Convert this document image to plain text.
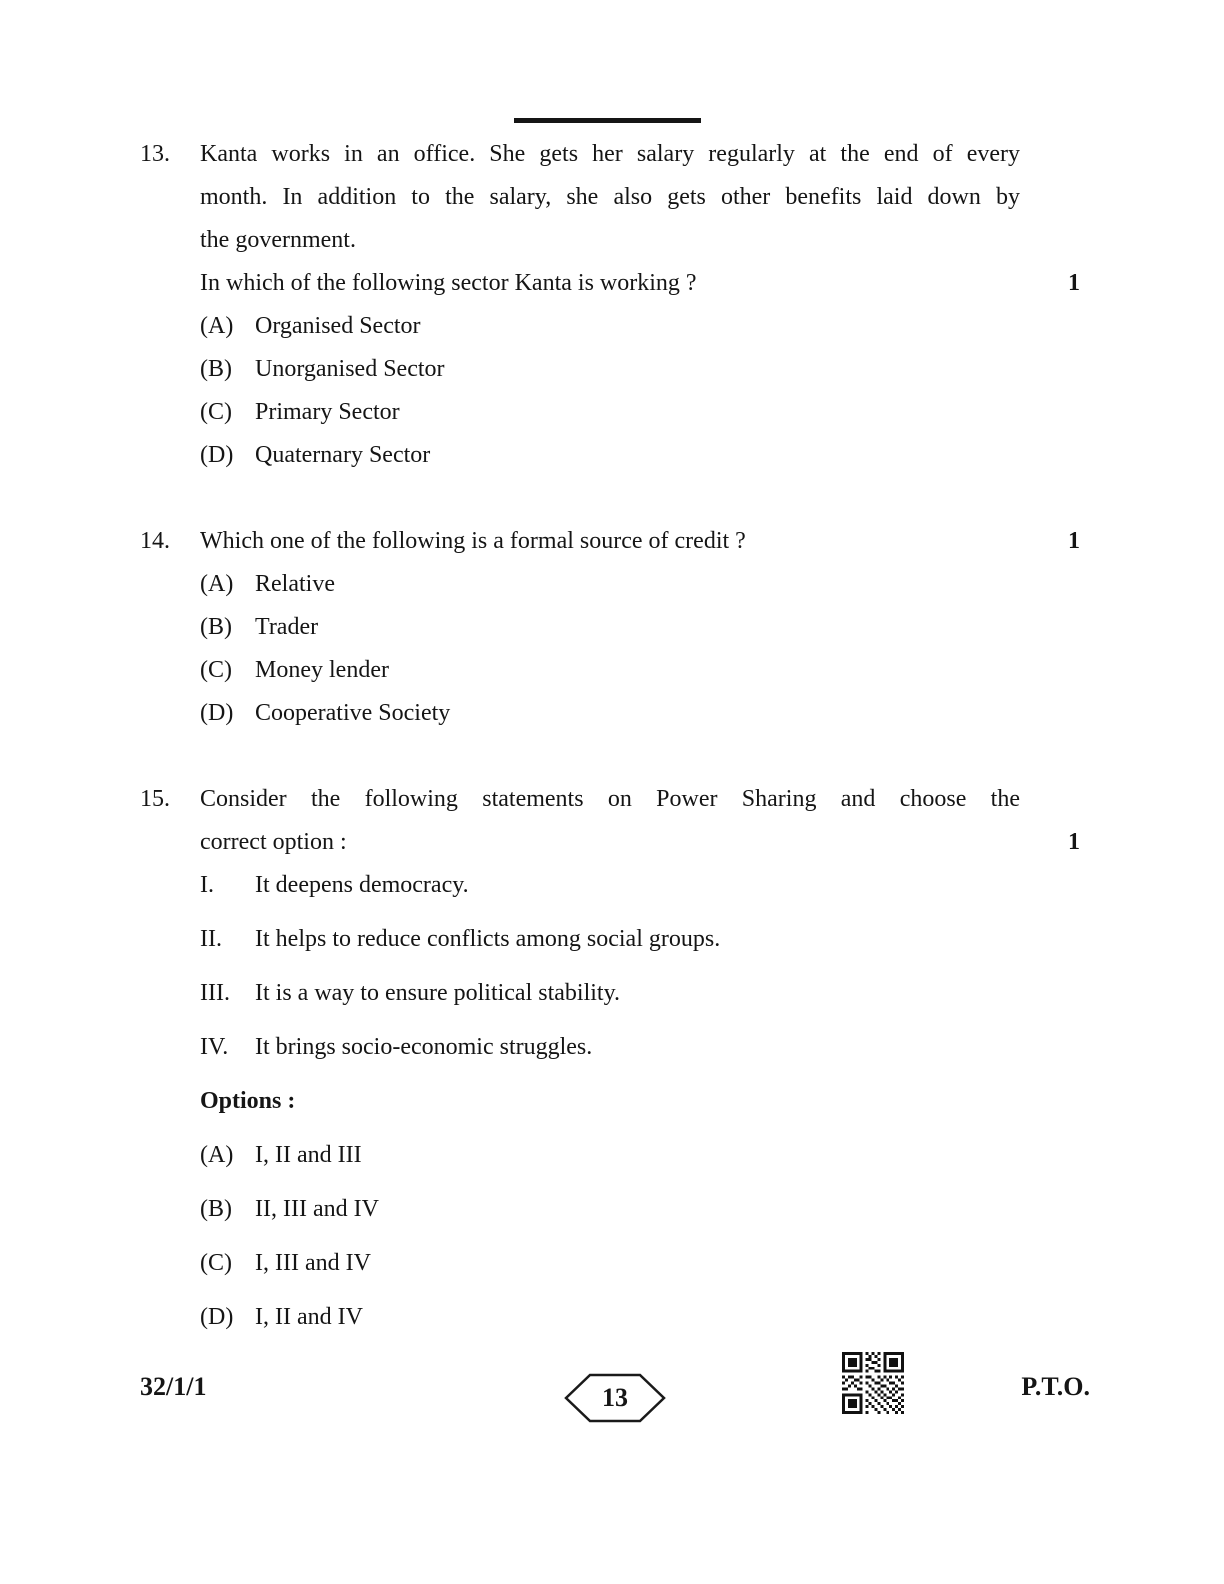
13.	Kanta works in an office. She gets her salary regularly at the end of every
month. In addition to the salary, she also gets other benefits laid down by
the government.
In which of the following sector Kanta is working ?	1
(A) Organised Sector
(B) Unorganised Sector
(C) Primary Sector
(D) Quaternary Sector
14.	Which one of the following is a formal source of credit ?	1
(A) Relative
(B) Trader
(C) Money lender
(D) Cooperative Society
15.	Consider the following statements on Power Sharing and choose the
correct option :	1
I.	It deepens democracy.
II.	It helps to reduce conflicts among social groups.
III.	It is a way to ensure political stability.
IV.	It brings socio-economic struggles.
Options :
(A) I, II and III
(B) II, III and IV
(C) I, III and IV
(D) I, II and IV
32/1/1	13	P.T.O.
